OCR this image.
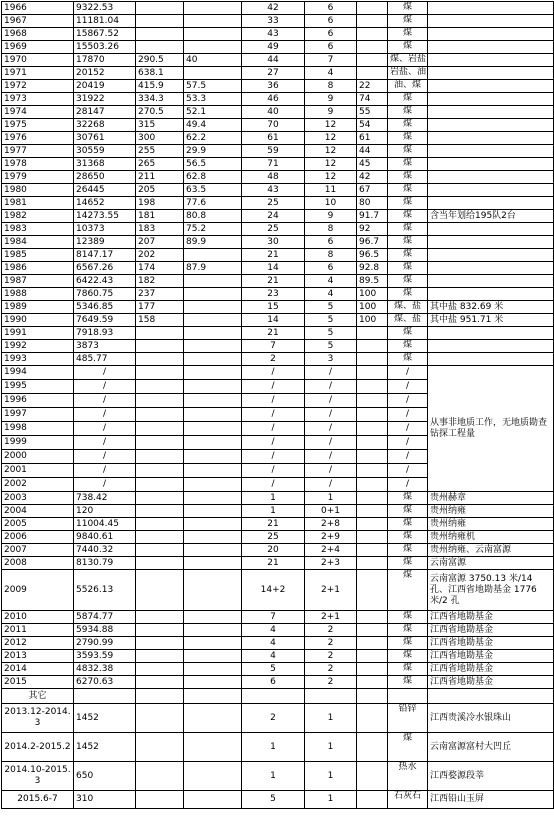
1966	9322.53			42	6		煤	
1967	11181.04			33	6		煤	
1968	15867.52			43	6		煤	
1969	15503.26			49	6		煤	
1970	17870	290.5	40	44	7		煤、岩盐	
1971	20152	638.1		27	4		岩盐、油	
1972	20419	415.9	57.5	36	8	22	油、煤	
1973	31922	334.3	53.3	46	9	74	煤	
1974	28147	270.5	52.1	40	9	55	煤	
1975	32268	315	49.4	70	12	54	煤	
1976	30761	300	62.2	61	12	61	煤	
1977	30559	255	29.9	59	12	44	煤	
1978	31368	265	56.5	71	12	45	煤	
1979	28650	211	62.8	48	12	42	煤	
1980	26445	205	63.5	43	11	67	煤	
1981	14652	198	77.6	25	10	80	煤	
1982	14273.55	181	80.8	24	9	91.7	煤	含当年划给195队2台
1983	10373	183	75.2	25	8	92	煤	
1984	12389	207	89.9	30	6	96.7	煤	
1985	8147.17	202		21	8	96.5	煤	
1986	6567.26	174	87.9	14	6	92.8	煤	
1987	6422.43	182		21	4	89.5	煤	
1988	7860.75	237		23	4	100	煤	
1989	5346.85	177		15	5	100	煤、盐	其中盐 832.69 米
1990	7649.59	158		14	5	100	煤、盐	其中盐 951.71 米
1991	7918.93			21	5		煤	
1992	3873			7	5		煤	
1993	485.77			2	3		煤	
1994	/			/	/		/	从事非地质工作，无地质勘查钻探工程量
1995	/			/	/		/	
1996	/			/	/		/	
1997	/			/	/		/	
1998	/			/	/		/	
1999	/			/	/		/	
2000	/			/	/		/	
2001	/			/	/		/	
2002	/			/	/		/	
2003	738.42			1	1		煤	贵州赫章
2004	120			1	0+1		煤	贵州纳雍
2005	11004.45			21	2+8		煤	贵州纳雍
2006	9840.61			25	2+9		煤	贵州纳雍机
2007	7440.32			20	2+4		煤	贵州纳雍、云南富源
2008	8130.79			21	2+3		煤	云南富源
2009	5526.13			14+2	2+1		煤	云南富源 3750.13 米/14 孔、江西省地勘基金 1776 米/2 孔
2010	5874.77			7	2+1		煤	江西省地勘基金
2011	5934.88			4	2		煤	江西省地勘基金
2012	2790.99			4	2		煤	江西省地勘基金
2013	3593.59			4	2		煤	江西省地勘基金
2014	4832.38			5	2		煤	江西省地勘基金
2015	6270.63			6	2		煤	江西省地勘基金
其它								
2013.12-2014.3	1452			2	1		铅锌	江西贵溪冷水银珠山
2014.2-2015.2	1452			1	1		煤	云南富源富村大凹丘
2014.10-2015.3	650			1	1		热水	江西婺源段莘
2015.6-7	310			5	1		石灰石	江西铅山玉屏
